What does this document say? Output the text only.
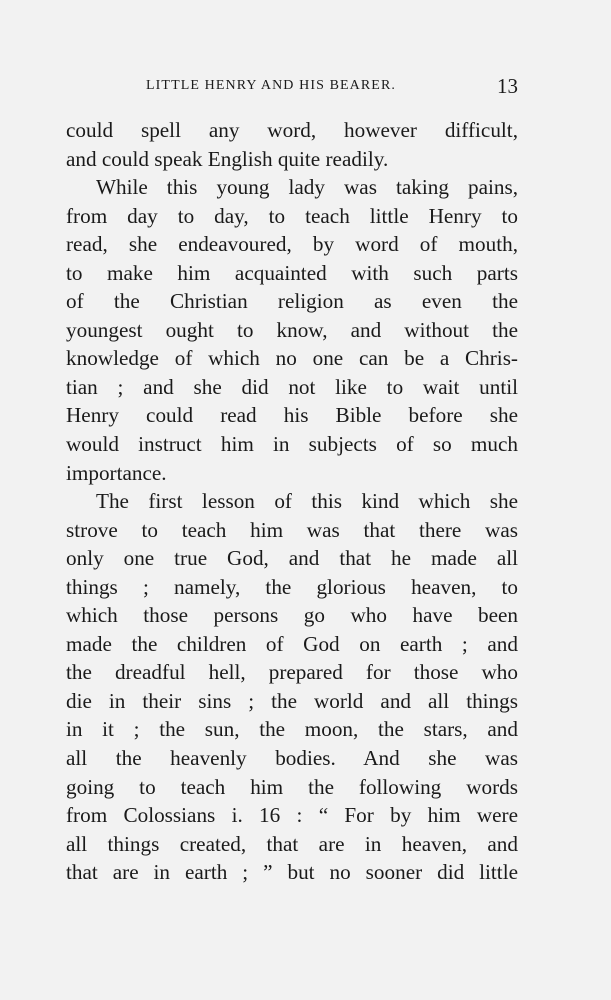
LITTLE HENRY AND HIS BEARER.	13
could spell any word, however difficult,
and could speak English quite readily.
While this young lady was taking pains,
from day to day, to teach little Henry to
read, she endeavoured, by word of mouth,
to make him acquainted with such parts
of the Christian religion as even the
youngest ought to know, and without the
knowledge of which no one can be a Chris-
tian ; and she did not like to wait until
Henry could read his Bible before she
would instruct him in subjects of so much
importance.
The first lesson of this kind which she
strove to teach him was that there was
only one true God, and that he made all
things ; namely, the glorious heaven, to
which those persons go who have been
made the children of God on earth ; and
the dreadful hell, prepared for those who
die in their sins ; the world and all things
in it ; the sun, the moon, the stars, and
all the heavenly bodies. And she was
going to teach him the following words
from Colossians i. 16 : “ For by him were
all things created, that are in heaven, and
that are in earth ; ” but no sooner did little
